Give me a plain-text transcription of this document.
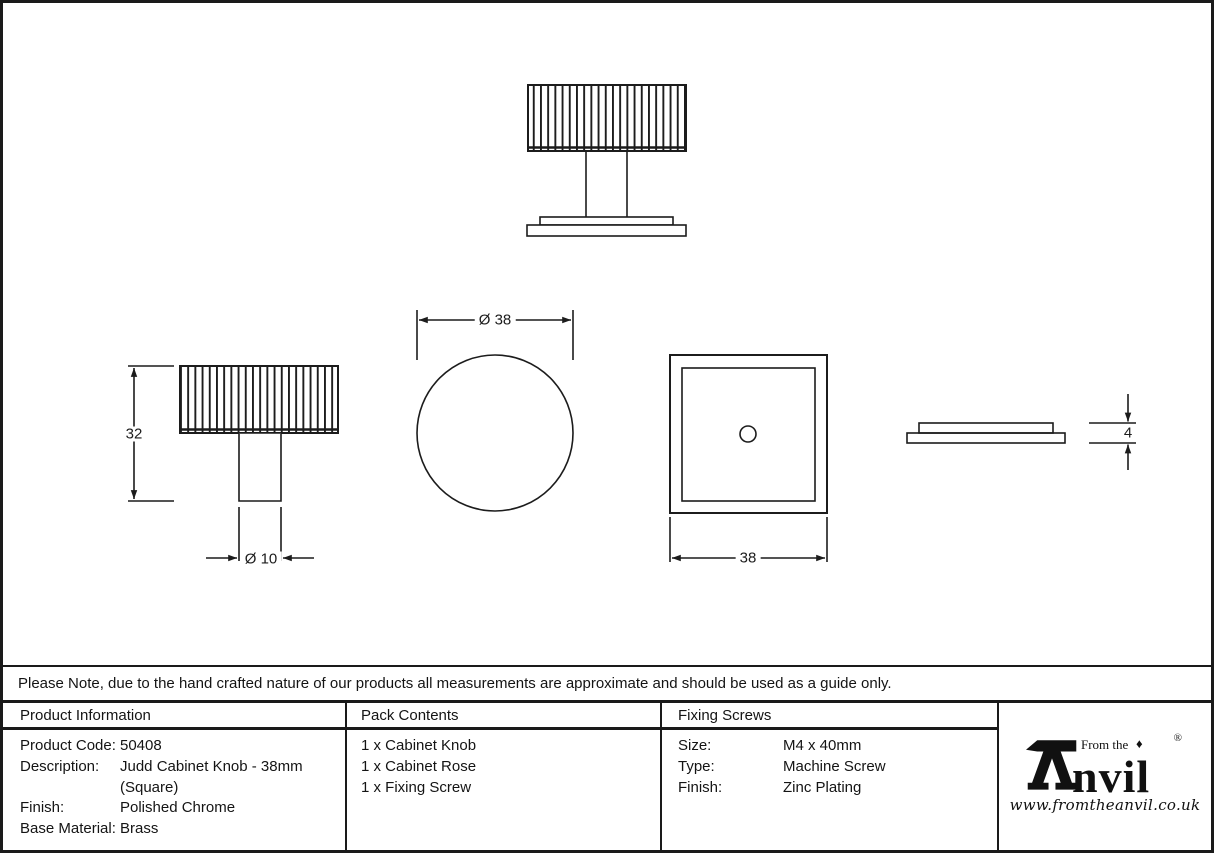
32
Ø 10
Ø 38
38
4
Please Note, due to the hand crafted nature of our products all measurements are approximate and should be used as a guide only.
Product Information
Product Code: 50408
Description:	Judd Cabinet Knob - 38mm
(Square)
Finish:	Polished Chrome
Base Material: Brass
Pack Contents
1 x Cabinet Knob
1 x Cabinet Rose
1 x Fixing Screw
Fixing Screws
Size:	M4 x 40mm
Type:	Machine Screw
Finish:	Zinc Plating
From the ♦
nvil
®
www.fromtheanvil.co.uk
